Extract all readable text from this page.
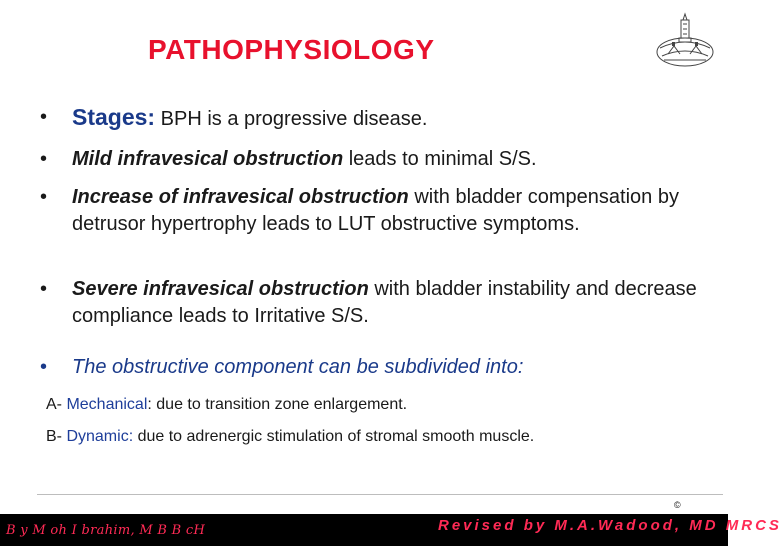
PATHOPHYSIOLOGY
•	Stages: BPH is a progressive disease.
•	Mild infravesical obstruction leads to minimal S/S.
•	Increase of infravesical obstruction with bladder compensation by detrusor hypertrophy leads to LUT obstructive symptoms.
•	Severe infravesical obstruction with bladder instability and decrease compliance leads to Irritative S/S.
•	The obstructive component can be subdivided into:
A- Mechanical: due to transition zone enlargement.
B- Dynamic: due to adrenergic stimulation of stromal smooth muscle.
©
B y M oh I brahim, M B B cH	Revised by M.A.Wadood, MD MRCS
